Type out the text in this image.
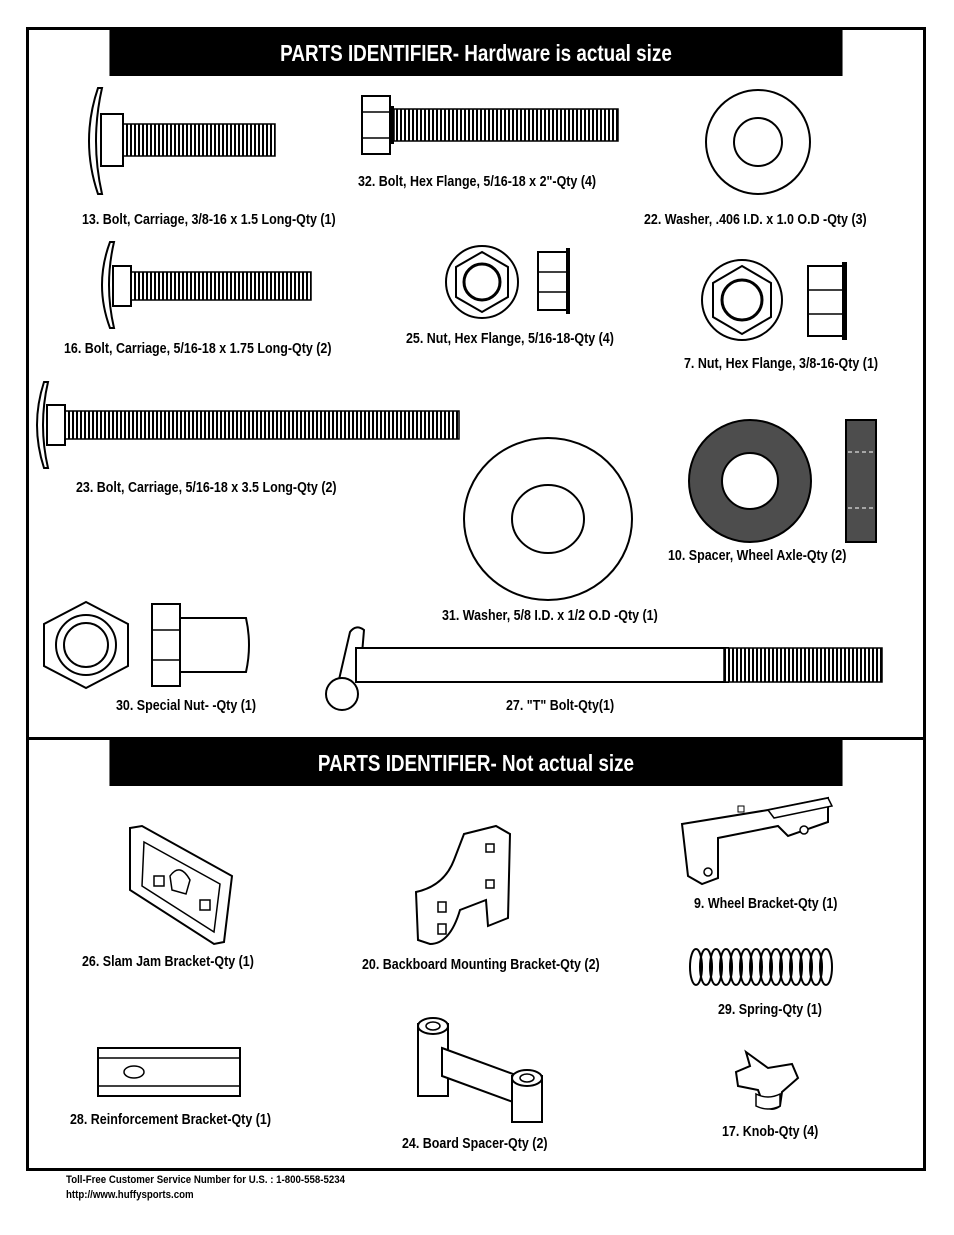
PARTS IDENTIFIER- Hardware is actual size
13. Bolt, Carriage, 3/8-16 x 1.5 Long-Qty (1)
32. Bolt, Hex Flange, 5/16-18 x 2"-Qty (4)
22. Washer, .406 I.D. x 1.0 O.D -Qty (3)
16. Bolt, Carriage, 5/16-18 x 1.75 Long-Qty (2)
25. Nut, Hex Flange, 5/16-18-Qty (4)
7. Nut, Hex Flange, 3/8-16-Qty (1)
23. Bolt, Carriage, 5/16-18 x 3.5 Long-Qty (2)
31. Washer, 5/8 I.D. x 1/2 O.D -Qty (1)
10. Spacer, Wheel Axle-Qty (2)
30. Special Nut- -Qty (1)	27. "T" Bolt-Qty(1)
PARTS IDENTIFIER- Not actual size
9. Wheel Bracket-Qty (1)
26. Slam Jam Bracket-Qty (1)	20. Backboard Mounting Bracket-Qty (2)
29. Spring-Qty (1)
28. Reinforcement Bracket-Qty (1)
24. Board Spacer-Qty (2)
17. Knob-Qty (4)
Toll-Free Customer Service Number for U.S. : 1-800-558-5234
http://www.huffysports.com
